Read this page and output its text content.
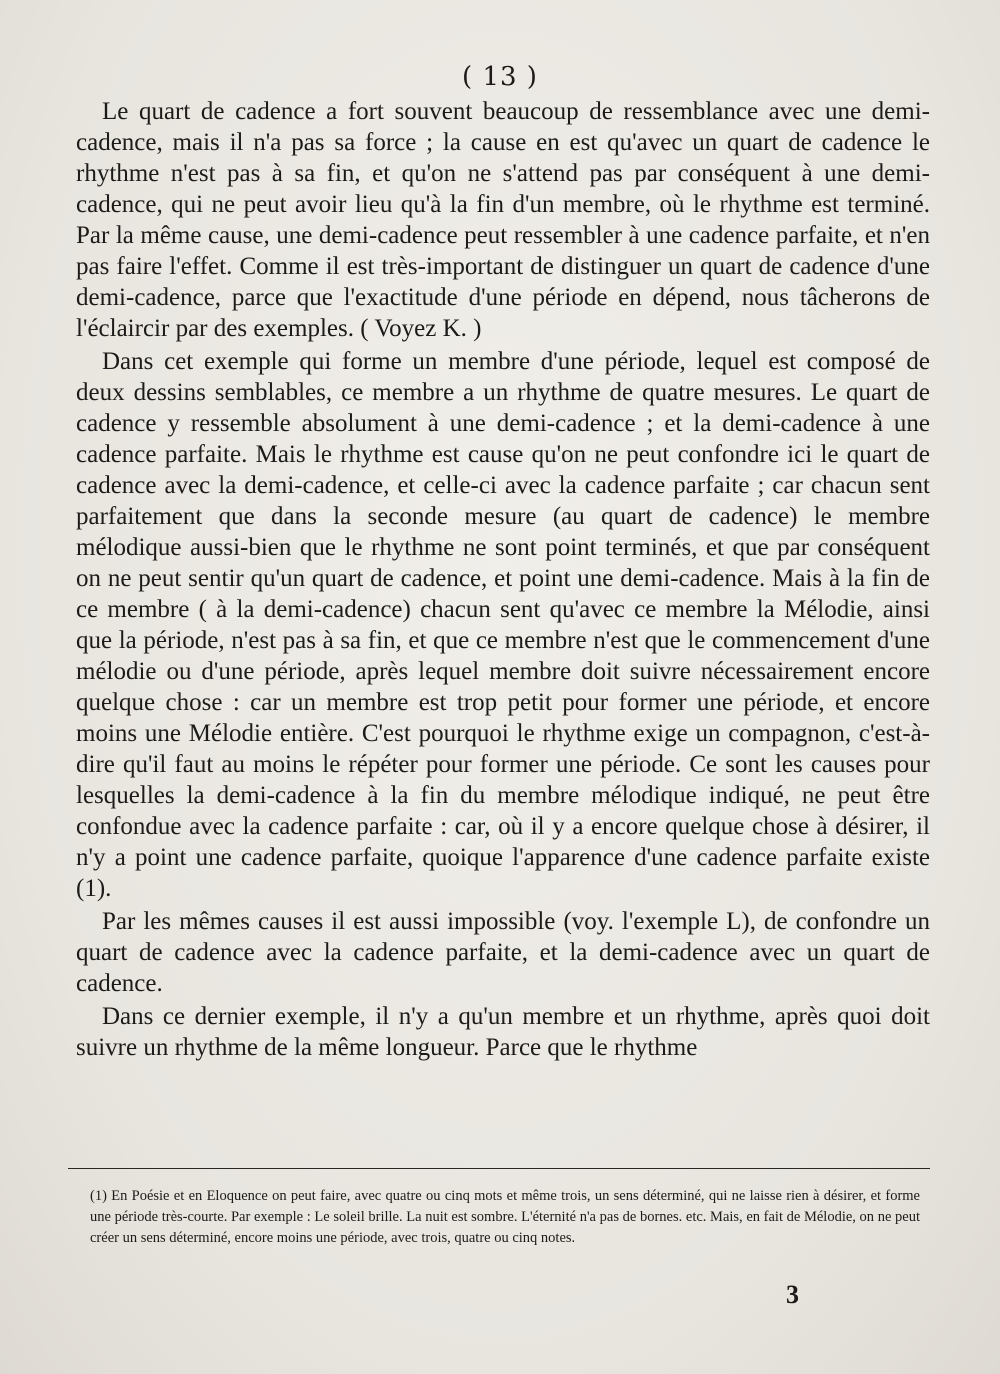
( 13 )

Le quart de cadence a fort souvent beaucoup de ressemblance avec une demi-cadence, mais il n'a pas sa force ; la cause en est qu'avec un quart de cadence le rhythme n'est pas à sa fin, et qu'on ne s'attend pas par conséquent à une demi-cadence, qui ne peut avoir lieu qu'à la fin d'un membre, où le rhythme est terminé. Par la même cause, une demi-cadence peut ressembler à une cadence parfaite, et n'en pas faire l'effet. Comme il est très-important de distinguer un quart de cadence d'une demi-cadence, parce que l'exactitude d'une période en dépend, nous tâcherons de l'éclaircir par des exemples. ( Voyez K. )

Dans cet exemple qui forme un membre d'une période, lequel est composé de deux dessins semblables, ce membre a un rhythme de quatre mesures. Le quart de cadence y ressemble absolument à une demi-cadence ; et la demi-cadence à une cadence parfaite. Mais le rhythme est cause qu'on ne peut confondre ici le quart de cadence avec la demi-cadence, et celle-ci avec la cadence parfaite ; car chacun sent parfaitement que dans la seconde mesure (au quart de cadence) le membre mélodique aussi-bien que le rhythme ne sont point terminés, et que par conséquent on ne peut sentir qu'un quart de cadence, et point une demi-cadence. Mais à la fin de ce membre ( à la demi-cadence) chacun sent qu'avec ce membre la Mélodie, ainsi que la période, n'est pas à sa fin, et que ce membre n'est que le commencement d'une mélodie ou d'une période, après lequel membre doit suivre nécessairement encore quelque chose : car un membre est trop petit pour former une période, et encore moins une Mélodie entière. C'est pourquoi le rhythme exige un compagnon, c'est-à-dire qu'il faut au moins le répéter pour former une période. Ce sont les causes pour lesquelles la demi-cadence à la fin du membre mélodique indiqué, ne peut être confondue avec la cadence parfaite : car, où il y a encore quelque chose à désirer, il n'y a point une cadence parfaite, quoique l'apparence d'une cadence parfaite existe (1).

Par les mêmes causes il est aussi impossible (voy. l'exemple L), de confondre un quart de cadence avec la cadence parfaite, et la demi-cadence avec un quart de cadence.

Dans ce dernier exemple, il n'y a qu'un membre et un rhythme, après quoi doit suivre un rhythme de la même longueur. Parce que le rhythme

(1) En Poésie et en Eloquence on peut faire, avec quatre ou cinq mots et même trois, un sens déterminé, qui ne laisse rien à désirer, et forme une période très-courte. Par exemple : Le soleil brille. La nuit est sombre. L'éternité n'a pas de bornes. etc. Mais, en fait de Mélodie, on ne peut créer un sens déterminé, encore moins une période, avec trois, quatre ou cinq notes.

3
